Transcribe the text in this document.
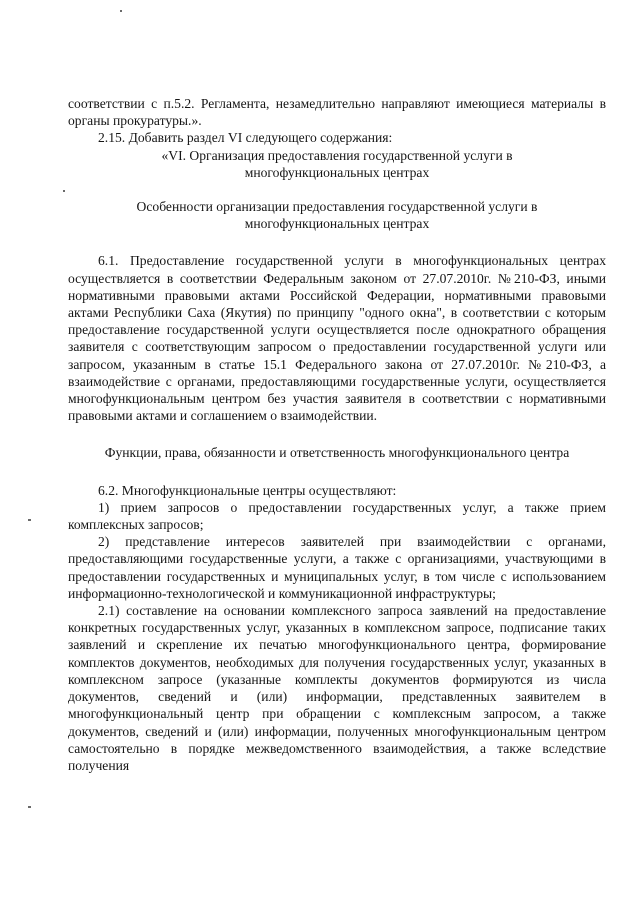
соответствии с п.5.2. Регламента, незамедлительно направляют имеющиеся материалы в органы прокуратуры.».

2.15. Добавить раздел VI следующего содержания:

«VI. Организация предоставления государственной услуги в

многофункциональных центрах

Особенности организации предоставления государственной услуги в

многофункциональных центрах

6.1. Предоставление государственной услуги в многофункциональных центрах осуществляется в соответствии Федеральным законом от 27.07.2010г. №210-ФЗ, иными нормативными правовыми актами Российской Федерации, нормативными правовыми актами Республики Саха (Якутия) по принципу "одного окна", в соответствии с которым предоставление государственной услуги осуществляется после однократного обращения заявителя с соответствующим запросом о предоставлении государственной услуги или запросом, указанным в статье 15.1 Федерального закона от 27.07.2010г. №210-ФЗ, а взаимодействие с органами, предоставляющими государственные услуги, осуществляется многофункциональным центром без участия заявителя в соответствии с нормативными правовыми актами и соглашением о взаимодействии.

Функции, права, обязанности и ответственность многофункционального центра

6.2. Многофункциональные центры осуществляют:

1) прием запросов о предоставлении государственных услуг, а также прием комплексных запросов;

2) представление интересов заявителей при взаимодействии с органами, предоставляющими государственные услуги, а также с организациями, участвующими в предоставлении государственных и муниципальных услуг, в том числе с использованием информационно-технологической и коммуникационной инфраструктуры;

2.1) составление на основании комплексного запроса заявлений на предоставление конкретных государственных услуг, указанных в комплексном запросе, подписание таких заявлений и скрепление их печатью многофункционального центра, формирование комплектов документов, необходимых для получения государственных услуг, указанных в комплексном запросе (указанные комплекты документов формируются из числа документов, сведений и (или) информации, представленных заявителем в многофункциональный центр при обращении с комплексным запросом, а также документов, сведений и (или) информации, полученных многофункциональным центром самостоятельно в порядке межведомственного взаимодействия, а также вследствие получения
